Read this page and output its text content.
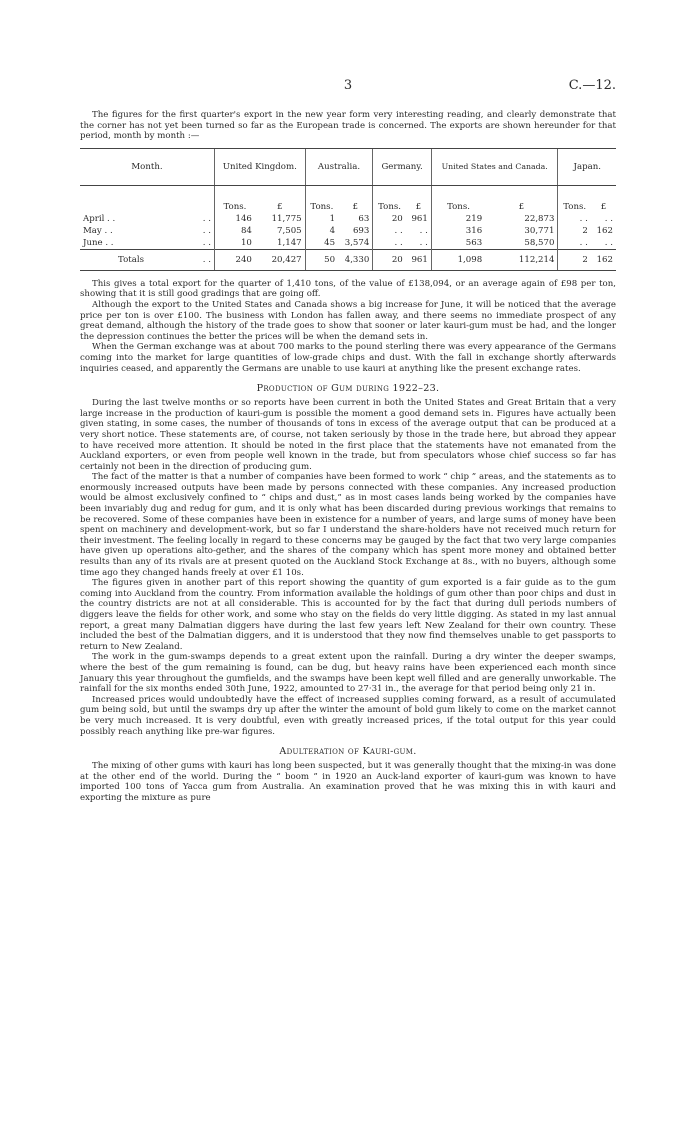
3	C.—12.

The figures for the first quarter's export in the new year form very interesting reading, and clearly demonstrate that the corner has not yet been turned so far as the European trade is concerned. The exports are shown hereunder for that period, month by month :—

Month.		United Kingdom.		Australia.		Germany.		United States and Canada.		Japan.	
		Tons.	£	Tons.	£	Tons.	£	Tons.	£	Tons.	£
April . .	. .	146	11,775	1	63	20	961	219	22,873	. .	. .
May . .	. .	84	7,505	4	693	. .	. .	316	30,771	2	162
June . .	. .	10	1,147	45	3,574	. .	. .	563	58,570	. .	. .
Totals	. .	240	20,427	50	4,330	20	961	1,098	112,214	2	162

This gives a total export for the quarter of 1,410 tons, of the value of £138,094, or an average again of £98 per ton, showing that it is still good gradings that are going off.

Although the export to the United States and Canada shows a big increase for June, it will be noticed that the average price per ton is over £100. The business with London has fallen away, and there seems no immediate prospect of any great demand, although the history of the trade goes to show that sooner or later kauri-gum must be had, and the longer the depression continues the better the prices will be when the demand sets in.

When the German exchange was at about 700 marks to the pound sterling there was every appearance of the Germans coming into the market for large quantities of low-grade chips and dust. With the fall in exchange shortly afterwards inquiries ceased, and apparently the Germans are unable to use kauri at anything like the present exchange rates.

Production of Gum during 1922–23.

During the last twelve months or so reports have been current in both the United States and Great Britain that a very large increase in the production of kauri-gum is possible the moment a good demand sets in. Figures have actually been given stating, in some cases, the number of thousands of tons in excess of the average output that can be produced at a very short notice. These statements are, of course, not taken seriously by those in the trade here, but abroad they appear to have received more attention. It should be noted in the first place that the statements have not emanated from the Auckland exporters, or even from people well known in the trade, but from speculators whose chief success so far has certainly not been in the direction of producing gum.

The fact of the matter is that a number of companies have been formed to work “ chip ” areas, and the statements as to enormously increased outputs have been made by persons connected with these companies. Any increased production would be almost exclusively confined to “ chips and dust,” as in most cases lands being worked by the companies have been invariably dug and redug for gum, and it is only what has been discarded during previous workings that remains to be recovered. Some of these companies have been in existence for a number of years, and large sums of money have been spent on machinery and development-work, but so far I understand the share-holders have not received much return for their investment. The feeling locally in regard to these concerns may be gauged by the fact that two very large companies have given up operations alto-gether, and the shares of the company which has spent more money and obtained better results than any of its rivals are at present quoted on the Auckland Stock Exchange at 8s., with no buyers, although some time ago they changed hands freely at over £1 10s.

The figures given in another part of this report showing the quantity of gum exported is a fair guide as to the gum coming into Auckland from the country. From information available the holdings of gum other than poor chips and dust in the country districts are not at all considerable. This is accounted for by the fact that during dull periods numbers of diggers leave the fields for other work, and some who stay on the fields do very little digging. As stated in my last annual report, a great many Dalmatian diggers have during the last few years left New Zealand for their own country. These included the best of the Dalmatian diggers, and it is understood that they now find themselves unable to get passports to return to New Zealand.

The work in the gum-swamps depends to a great extent upon the rainfall. During a dry winter the deeper swamps, where the best of the gum remaining is found, can be dug, but heavy rains have been experienced each month since January this year throughout the gumfields, and the swamps have been kept well filled and are generally unworkable. The rainfall for the six months ended 30th June, 1922, amounted to 27·31 in., the average for that period being only 21 in.

Increased prices would undoubtedly have the effect of increased supplies coming forward, as a result of accumulated gum being sold, but until the swamps dry up after the winter the amount of bold gum likely to come on the market cannot be very much increased. It is very doubtful, even with greatly increased prices, if the total output for this year could possibly reach anything like pre-war figures.

Adulteration of Kauri-gum.

The mixing of other gums with kauri has long been suspected, but it was generally thought that the mixing-in was done at the other end of the world. During the “ boom ” in 1920 an Auck-land exporter of kauri-gum was known to have imported 100 tons of Yacca gum from Australia. An examination proved that he was mixing this in with kauri and exporting the mixture as pure
